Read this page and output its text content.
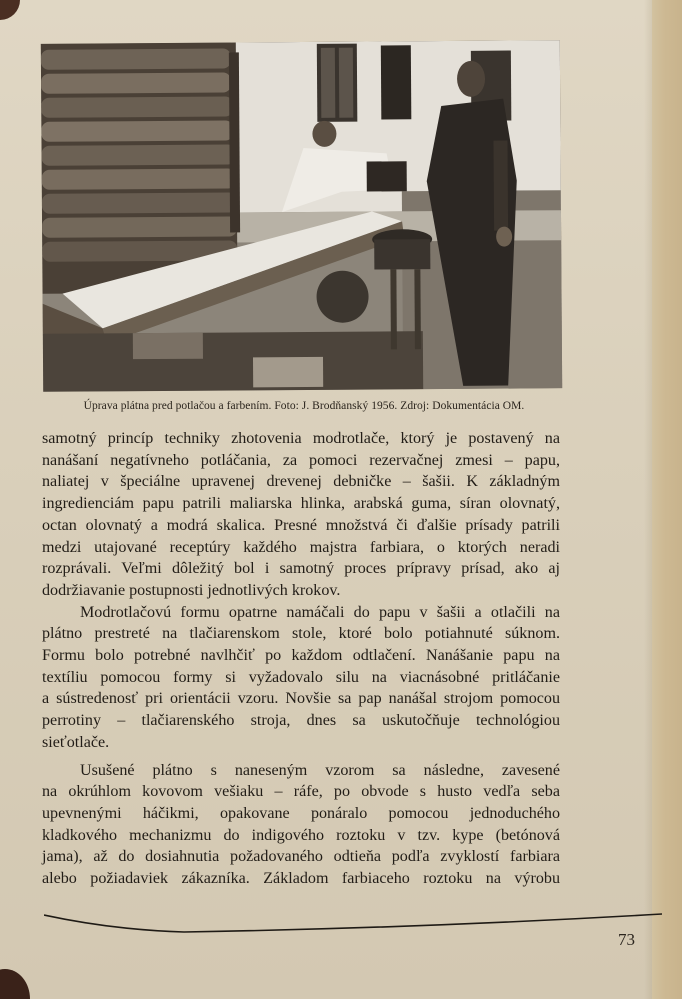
Úprava plátna pred potlačou a farbením. Foto: J. Brodňanský 1956. Zdroj: Dokumentácia OM.

samotný princíp techniky zhotovenia modrotlače, ktorý je postavený na
nanášaní negatívneho potláčania, za pomoci rezervačnej zmesi – papu,
naliatej v špeciálne upravenej drevenej debničke – šašii. K základným
ingredienciám papu patrili maliarska hlinka, arabská guma, síran olovnatý,
octan olovnatý a modrá skalica. Presné množstvá či ďalšie prísady patrili
medzi utajované receptúry každého majstra farbiara, o ktorých neradi
rozprávali. Veľmi dôležitý bol i samotný proces prípravy prísad, ako aj
dodržiavanie postupnosti jednotlivých krokov.

Modrotlačovú formu opatrne namáčali do papu v šašii a otlačili na
plátno prestreté na tlačiarenskom stole, ktoré bolo potiahnuté súknom.
Formu bolo potrebné navlhčiť po každom odtlačení. Nanášanie papu na
textíliu pomocou formy si vyžadovalo silu na viacnásobné pritláčanie
a sústredenosť pri orientácii vzoru. Novšie sa pap nanášal strojom pomocou
perrotiny – tlačiarenského stroja, dnes sa uskutočňuje technológiou
sieťotlače.

Usušené plátno s naneseným vzorom sa následne, zavesené
na okrúhlom kovovom vešiaku – ráfe, po obvode s husto vedľa seba
upevnenými háčikmi, opakovane ponáralo pomocou jednoduchého
kladkového mechanizmu do indigového roztoku v tzv. kype (betónová
jama), až do dosiahnutia požadovaného odtieňa podľa zvyklostí farbiara
alebo požiadaviek zákazníka. Základom farbiaceho roztoku na výrobu

73
